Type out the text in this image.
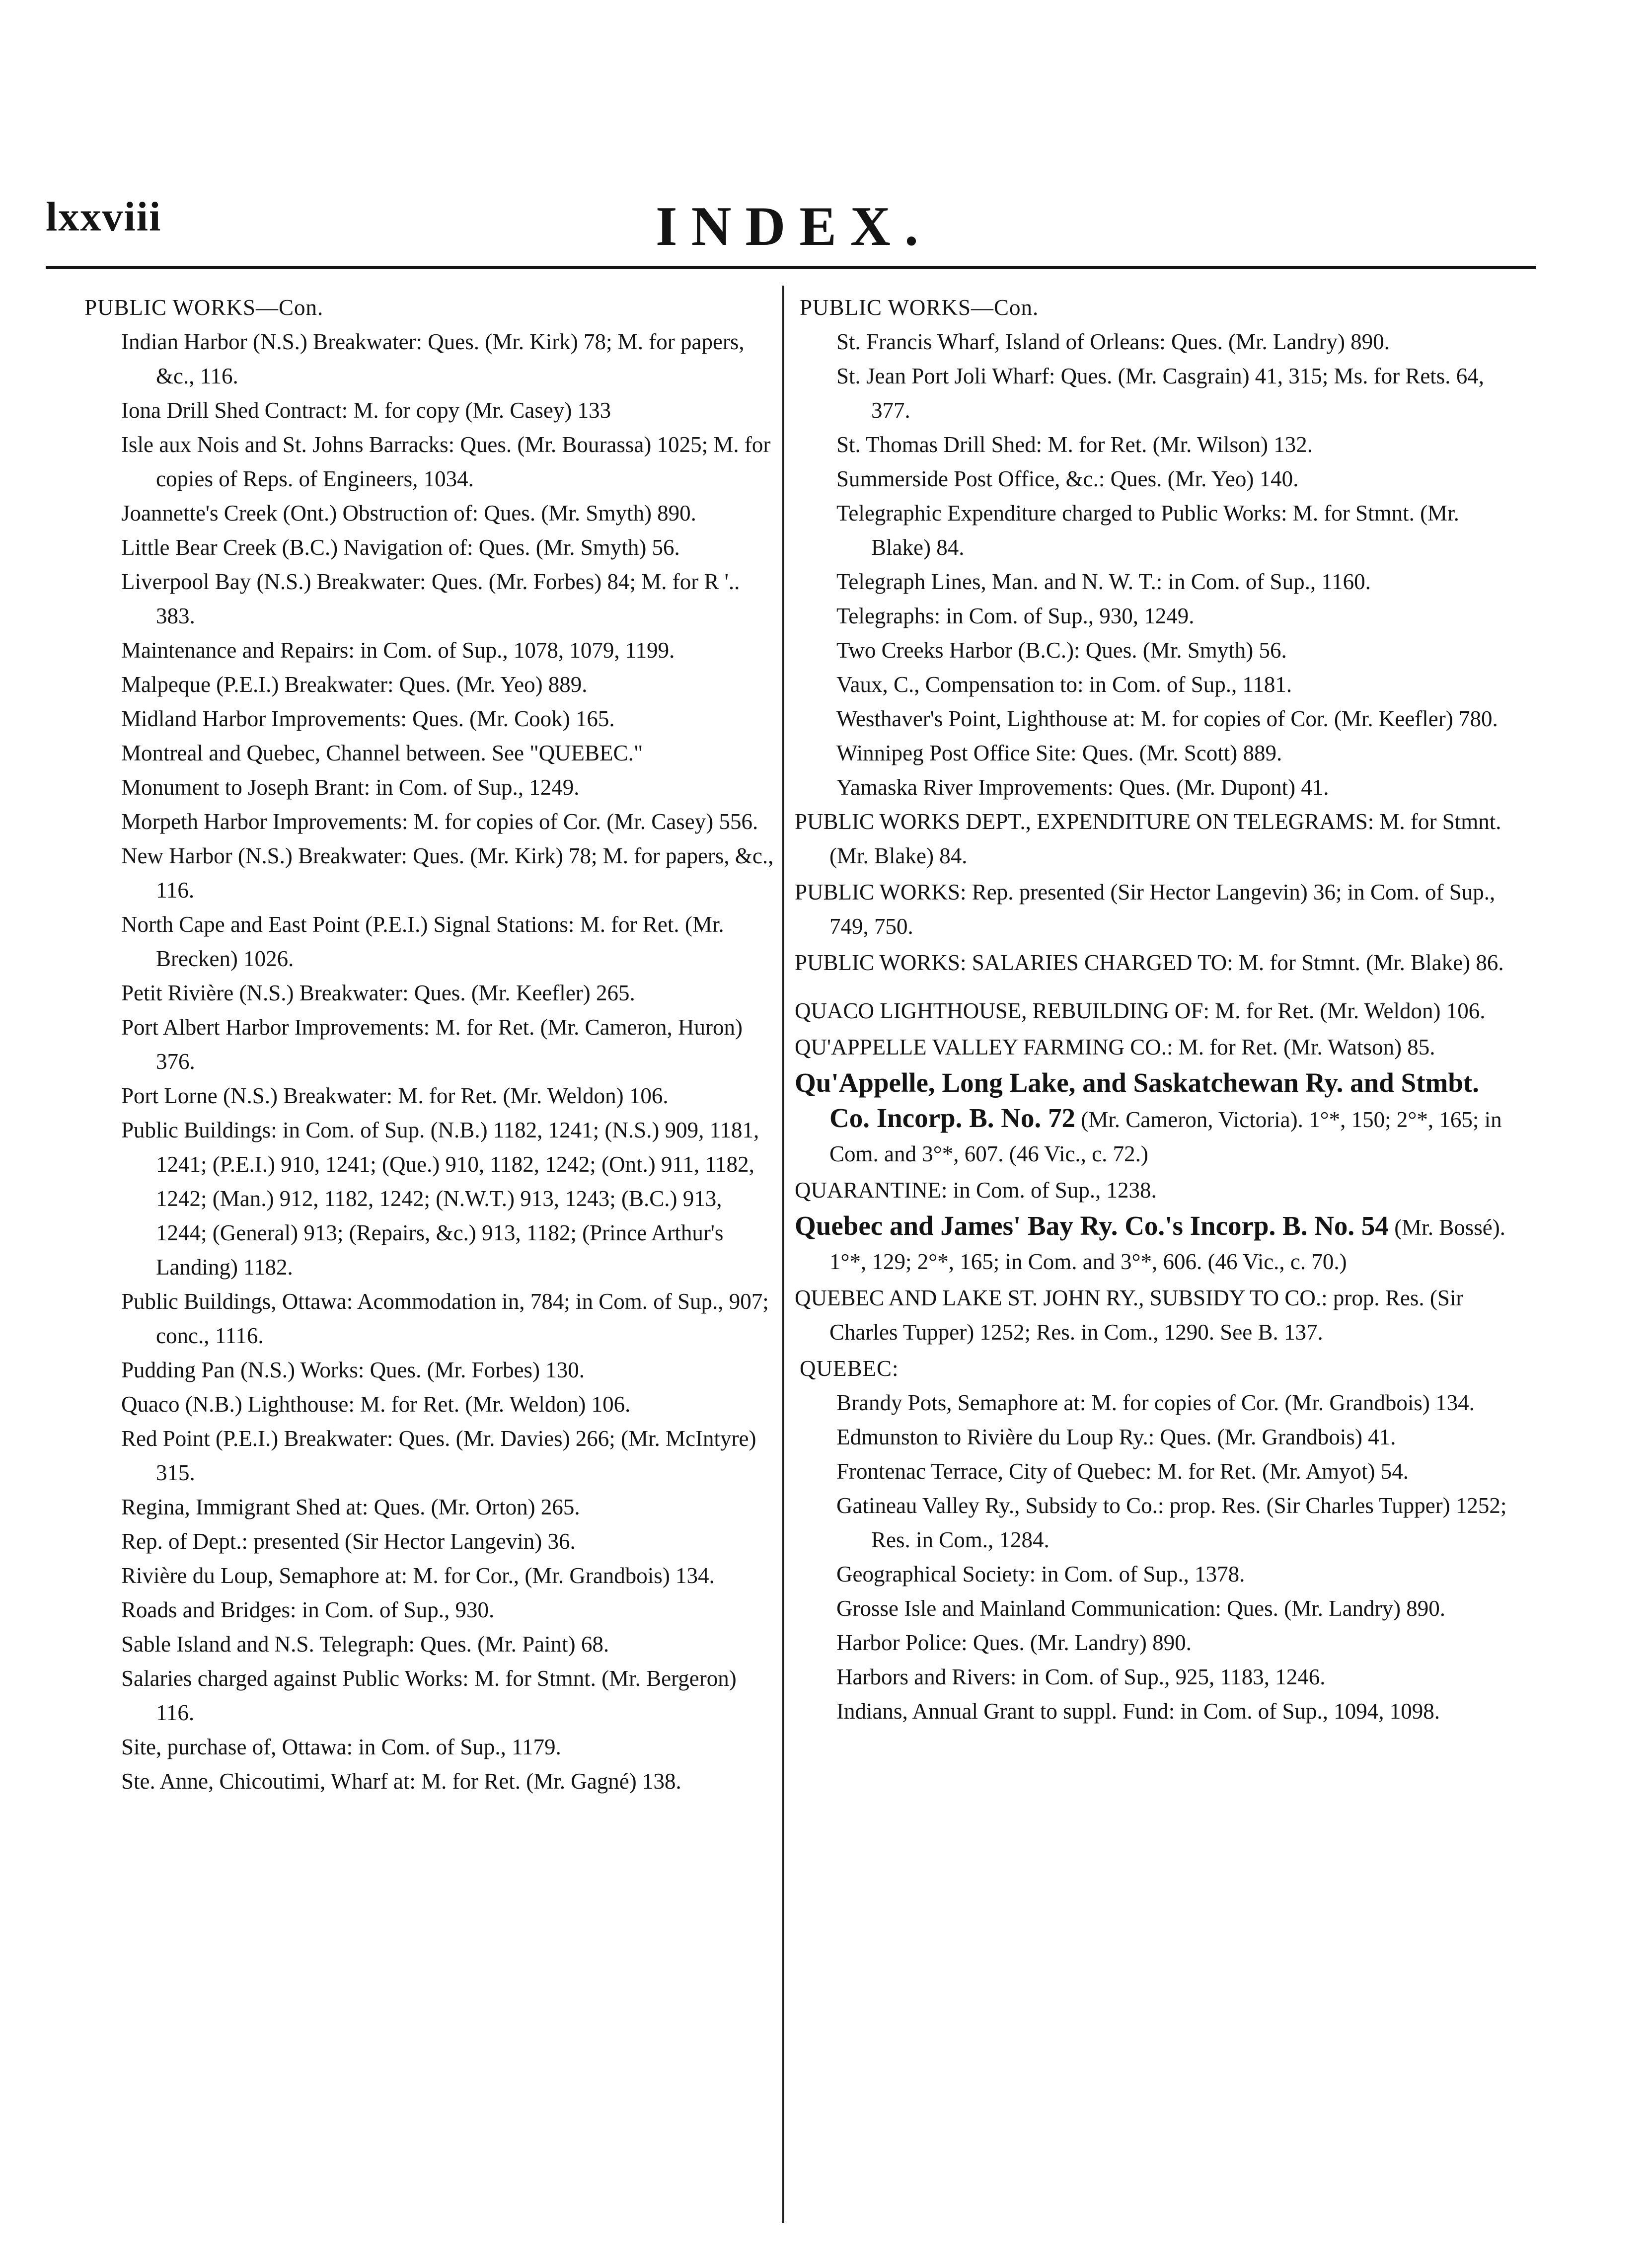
lxxviii	INDEX.
PUBLIC WORKS—Con.

Indian Harbor (N.S.) Breakwater: Ques. (Mr. Kirk) 78; M. for papers, &c., 116.

Iona Drill Shed Contract: M. for copy (Mr. Casey) 133

Isle aux Nois and St. Johns Barracks: Ques. (Mr. Bourassa) 1025; M. for copies of Reps. of Engineers, 1034.

Joannette's Creek (Ont.) Obstruction of: Ques. (Mr. Smyth) 890.

Little Bear Creek (B.C.) Navigation of: Ques. (Mr. Smyth) 56.

Liverpool Bay (N.S.) Breakwater: Ques. (Mr. Forbes) 84; M. for R '.. 383.

Maintenance and Repairs: in Com. of Sup., 1078, 1079, 1199.

Malpeque (P.E.I.) Breakwater: Ques. (Mr. Yeo) 889.

Midland Harbor Improvements: Ques. (Mr. Cook) 165.

Montreal and Quebec, Channel between. See "QUEBEC."

Monument to Joseph Brant: in Com. of Sup., 1249.

Morpeth Harbor Improvements: M. for copies of Cor. (Mr. Casey) 556.

New Harbor (N.S.) Breakwater: Ques. (Mr. Kirk) 78; M. for papers, &c., 116.

North Cape and East Point (P.E.I.) Signal Stations: M. for Ret. (Mr. Brecken) 1026.

Petit Rivière (N.S.) Breakwater: Ques. (Mr. Keefler) 265.

Port Albert Harbor Improvements: M. for Ret. (Mr. Cameron, Huron) 376.

Port Lorne (N.S.) Breakwater: M. for Ret. (Mr. Weldon) 106.

Public Buildings: in Com. of Sup. (N.B.) 1182, 1241; (N.S.) 909, 1181, 1241; (P.E.I.) 910, 1241; (Que.) 910, 1182, 1242; (Ont.) 911, 1182, 1242; (Man.) 912, 1182, 1242; (N.W.T.) 913, 1243; (B.C.) 913, 1244; (General) 913; (Repairs, &c.) 913, 1182; (Prince Arthur's Landing) 1182.

Public Buildings, Ottawa: Acommodation in, 784; in Com. of Sup., 907; conc., 1116.

Pudding Pan (N.S.) Works: Ques. (Mr. Forbes) 130.

Quaco (N.B.) Lighthouse: M. for Ret. (Mr. Weldon) 106.

Red Point (P.E.I.) Breakwater: Ques. (Mr. Davies) 266; (Mr. McIntyre) 315.

Regina, Immigrant Shed at: Ques. (Mr. Orton) 265.

Rep. of Dept.: presented (Sir Hector Langevin) 36.

Rivière du Loup, Semaphore at: M. for Cor., (Mr. Grandbois) 134.

Roads and Bridges: in Com. of Sup., 930.

Sable Island and N.S. Telegraph: Ques. (Mr. Paint) 68.

Salaries charged against Public Works: M. for Stmnt. (Mr. Bergeron) 116.

Site, purchase of, Ottawa: in Com. of Sup., 1179.

Ste. Anne, Chicoutimi, Wharf at: M. for Ret. (Mr. Gagné) 138.

PUBLIC WORKS—Con.

St. Francis Wharf, Island of Orleans: Ques. (Mr. Landry) 890.

St. Jean Port Joli Wharf: Ques. (Mr. Casgrain) 41, 315; Ms. for Rets. 64, 377.

St. Thomas Drill Shed: M. for Ret. (Mr. Wilson) 132.

Summerside Post Office, &c.: Ques. (Mr. Yeo) 140.

Telegraphic Expenditure charged to Public Works: M. for Stmnt. (Mr. Blake) 84.

Telegraph Lines, Man. and N. W. T.: in Com. of Sup., 1160.

Telegraphs: in Com. of Sup., 930, 1249.

Two Creeks Harbor (B.C.): Ques. (Mr. Smyth) 56.

Vaux, C., Compensation to: in Com. of Sup., 1181.

Westhaver's Point, Lighthouse at: M. for copies of Cor. (Mr. Keefler) 780.

Winnipeg Post Office Site: Ques. (Mr. Scott) 889.

Yamaska River Improvements: Ques. (Mr. Dupont) 41.

PUBLIC WORKS DEPT., EXPENDITURE ON TELEGRAMS: M. for Stmnt. (Mr. Blake) 84.

PUBLIC WORKS: Rep. presented (Sir Hector Langevin) 36; in Com. of Sup., 749, 750.

PUBLIC WORKS: SALARIES CHARGED TO: M. for Stmnt. (Mr. Blake) 86.

QUACO LIGHTHOUSE, REBUILDING OF: M. for Ret. (Mr. Weldon) 106.

QU'APPELLE VALLEY FARMING CO.: M. for Ret. (Mr. Watson) 85.

Qu'Appelle, Long Lake, and Saskatchewan Ry. and Stmbt. Co. Incorp. B. No. 72 (Mr. Cameron, Victoria). 1°*, 150; 2°*, 165; in Com. and 3°*, 607. (46 Vic., c. 72.)

QUARANTINE: in Com. of Sup., 1238.

Quebec and James' Bay Ry. Co.'s Incorp. B. No. 54 (Mr. Bossé). 1°*, 129; 2°*, 165; in Com. and 3°*, 606. (46 Vic., c. 70.)

QUEBEC AND LAKE ST. JOHN RY., SUBSIDY TO CO.: prop. Res. (Sir Charles Tupper) 1252; Res. in Com., 1290. See B. 137.

QUEBEC:

Brandy Pots, Semaphore at: M. for copies of Cor. (Mr. Grandbois) 134.

Edmunston to Rivière du Loup Ry.: Ques. (Mr. Grandbois) 41.

Frontenac Terrace, City of Quebec: M. for Ret. (Mr. Amyot) 54.

Gatineau Valley Ry., Subsidy to Co.: prop. Res. (Sir Charles Tupper) 1252; Res. in Com., 1284.

Geographical Society: in Com. of Sup., 1378.

Grosse Isle and Mainland Communication: Ques. (Mr. Landry) 890.

Harbor Police: Ques. (Mr. Landry) 890.

Harbors and Rivers: in Com. of Sup., 925, 1183, 1246.

Indians, Annual Grant to suppl. Fund: in Com. of Sup., 1094, 1098.
